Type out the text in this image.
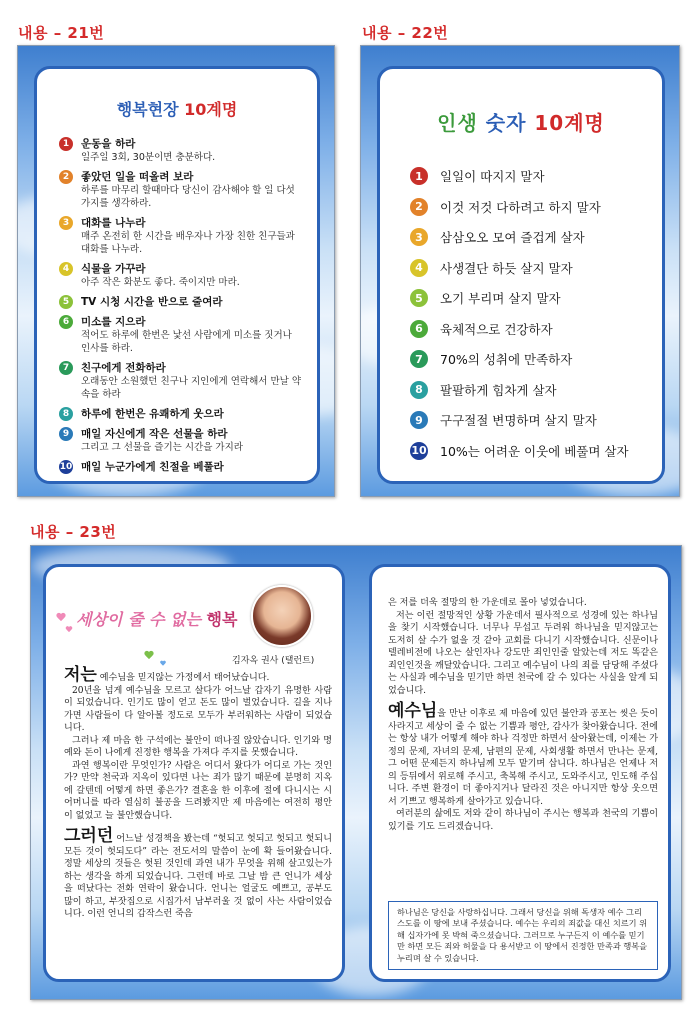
내용 – 21번	내용 – 22번
내용 – 23번
행복현장 10계명
1	운동을 하라
일주일 3회, 30분이면 충분하다.
2	좋았던 일을 떠올려 보라
하루를 마무리 할때마다 당신이 감사해야 할 일 다섯 가지를 생각하라.
3	대화를 나누라
매주 온전히 한 시간을 배우자나 가장 친한 친구들과 대화를 나누라.
4	식물을 가꾸라
아주 작은 화분도 좋다. 죽이지만 마라.
5	TV 시청 시간을 반으로 줄여라
6	미소를 지으라
적어도 하루에 한번은 낯선 사람에게 미소를 짓거나 인사를 하라.
7	친구에게 전화하라
오래동안 소원했던 친구나 지인에게 연락해서 만날 약속을 하라
8	하루에 한번은 유쾌하게 웃으라
9	매일 자신에게 작은 선물을 하라
그리고 그 선물을 즐기는 시간을 가지라
10 매일 누군가에게 친절을 베풀라
인생 숫자 10계명
1	일일이 따지지 말자
2	이것 저것 다하려고 하지 말자
3	삼삼오오 모여 즐겁게 살자
4	사생결단 하듯 살지 말자
5	오기 부리며 살지 말자
6	육체적으로 건강하자
7	70%의 성취에 만족하자
8	팔팔하게 힘차게 살자
9	구구절절 변명하며 살지 말자
10 10%는 어려운 이웃에 베풀며 살자
세상이 줄 수 없는 행복
김자옥 권사 (탤런트)

저는 예수님을 믿지않는 가정에서 태어났습니다.

20년을 넘게 예수님을 모르고 살다가 어느날 갑자기 유명한 사람이 되었습니다. 인기도 많이 얻고 돈도 많이 벌었습니다. 길을 지나가면 사람들이 다 알아볼 정도로 모두가 부러워하는 사람이 되었습니다.

그러나 제 마음 한 구석에는 불안이 떠나질 않았습니다. 인기와 명예와 돈이 나에게 진정한 행복을 가져다 주지를 못했습니다.

과연 행복이란 무엇인가? 사람은 어디서 왔다가 어디로 가는 것인가? 만약 천국과 지옥이 있다면 나는 죄가 많기 때문에 분명히 지옥에 갈텐데 어떻게 하면 좋은가? 결혼을 한 이후에 절에 다니시는 시어머니를 따라 열심히 불공을 드려봤지만 제 마음에는 여전히 평안이 없었고 늘 불안했습니다.

그러던 어느날 성경책을 봤는데 “헛되고 헛되고 헛되고 헛되니 모든 것이 헛되도다” 라는 전도서의 말씀이 눈에 확 들어왔습니다. 정말 세상의 것들은 헛된 것인데 과연 내가 무엇을 위해 살고있는가 하는 생각을 하게 되었습니다. 그런데 바로 그날 밤 큰 언니가 세상을 떠났다는 전화 연락이 왔습니다. 언니는 얼굴도 예쁘고, 공부도 많이 하고, 부잣집으로 시집가서 남부러울 것 없이 사는 사람이었습니다. 이런 언니의 갑작스런 죽음

은 저를 더욱 절망의 한 가운데로 몰아 넣었습니다.

저는 이런 절망적인 상황 가운데서 필사적으로 성경에 있는 하나님을 찾기 시작했습니다. 너무나 무섭고 두려워 하나님을 믿지않고는 도저히 살 수가 없을 것 같아 교회를 다니기 시작했습니다. 신문이나 텔레비전에 나오는 살인자나 강도만 죄인인줄 알았는데 저도 똑같은 죄인인것을 깨달았습니다. 그리고 예수님이 나의 죄를 담당해 주셨다는 사실과 예수님을 믿기만 하면 천국에 갈 수 있다는 사실을 알게 되었습니다.

예수님을 만난 이후로 제 마음에 있던 불안과 공포는 씻은 듯이 사라지고 세상이 줄 수 없는 기쁨과 평안, 감사가 찾아왔습니다. 전에는 항상 내가 어떻게 해야 하나 걱정만 하면서 살아왔는데, 이제는 가정의 문제, 자녀의 문제, 남편의 문제, 사회생활 하면서 만나는 문제, 그 어떤 문제든지 하나님께 모두 맡기며 삽니다. 하나님은 언제나 저의 등뒤에서 위로해 주시고, 축복해 주시고, 도와주시고, 인도해 주십니다. 주변 환경이 더 좋아지거나 달라진 것은 아니지만 항상 웃으면서 기쁘고 행복하게 살아가고 있습니다.

여러분의 삶에도 저와 같이 하나님이 주시는 행복과 천국의 기쁨이 있기를 기도 드리겠습니다.

하나님은 당신을 사랑하십니다. 그래서 당신을 위해 독생자 예수 그리스도를 이 땅에 보내 주셨습니다. 예수는 우리의 죄값을 대신 치르기 위해 십자가에 못 박혀 죽으셨습니다. 그러므로 누구든지 이 예수를 믿기만 하면 모든 죄와 허물을 다 용서받고 이 땅에서 진정한 만족과 행복을 누리며 살 수 있습니다.
